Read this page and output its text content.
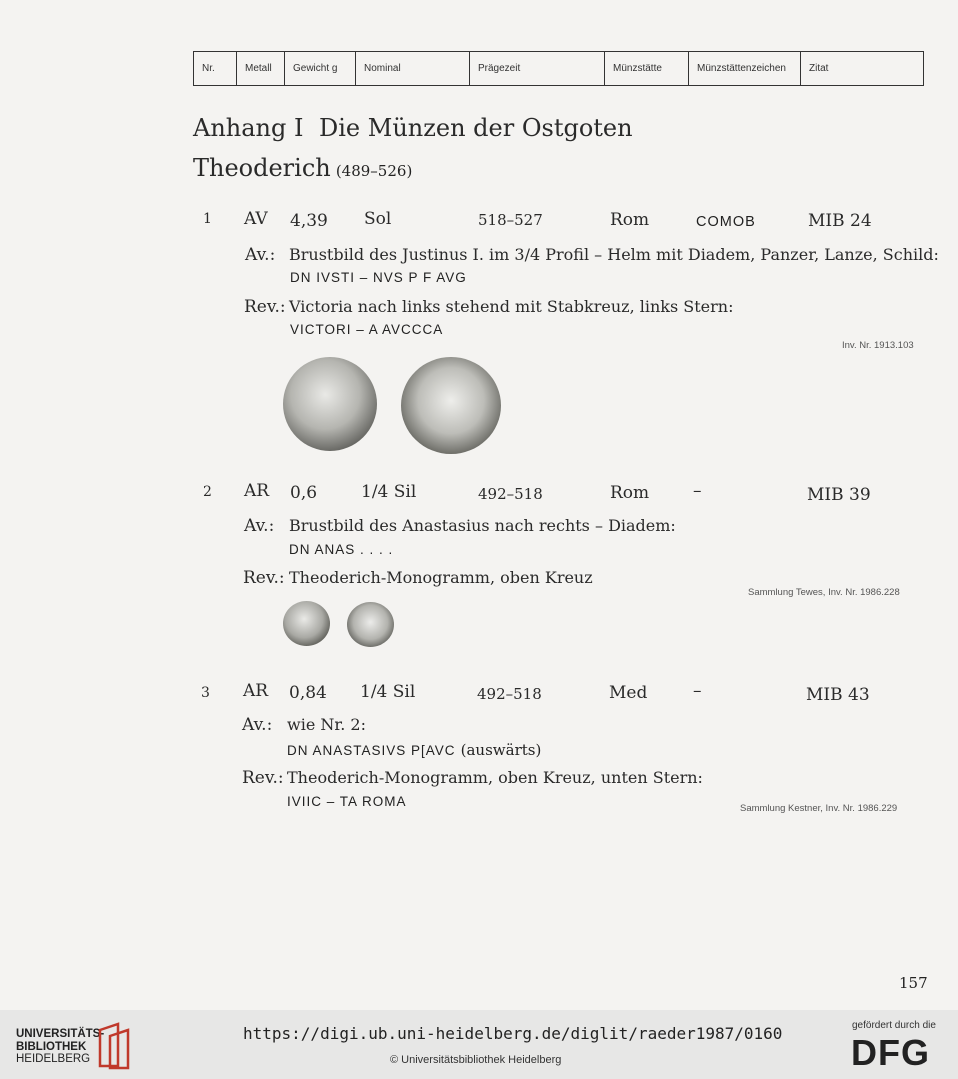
Nr.	Metall	Gewicht g	Nominal	Prägezeit	Münzstätte	Münzstättenzeichen	Zitat
Anhang I Die Münzen der Ostgoten
Theoderich (489–526)
1 AV 4,39 Sol	518–527	Rom	COMOB	MIB 24
Av.: Brustbild des Justinus I. im 3/4 Profil – Helm mit Diadem, Panzer, Lanze, Schild:
DN IVSTI – NVS P F AVG
Rev.: Victoria nach links stehend mit Stabkreuz, links Stern:
VICTORI – A AVCCCA
Inv. Nr. 1913.103
2 AR 0,6	1/4 Sil	492–518	Rom	–	MIB 39
Av.: Brustbild des Anastasius nach rechts – Diadem:
DN ANAS . . . .
Rev.: Theoderich-Monogramm, oben Kreuz
Sammlung Tewes, Inv. Nr. 1986.228
3 AR 0,84 1/4 Sil	492–518	Med	–	MIB 43
Av.: wie Nr. 2:
DN ANASTASIVS P[AVC (auswärts)
Rev.: Theoderich-Monogramm, oben Kreuz, unten Stern:
IVIIC – TA ROMA	Sammlung Kestner, Inv. Nr. 1986.229
157
UNIVERSITÄTS-
BIBLIOTHEK
HEIDELBERG
https://digi.ub.uni-heidelberg.de/diglit/raeder1987/0160
© Universitätsbibliothek Heidelberg
gefördert durch die
DFG
